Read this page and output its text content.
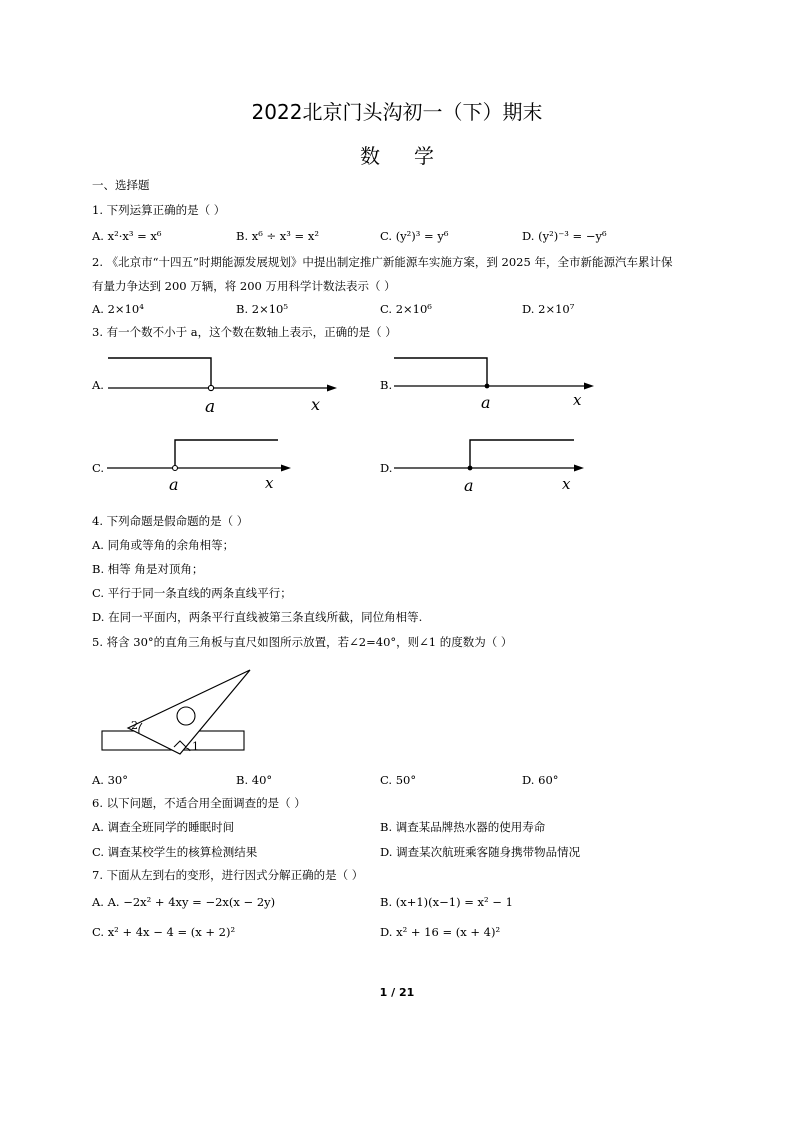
2022北京门头沟初一（下）期末
数学
一、选择题
1. 下列运算正确的是（ ）
A. x²·x³ = x⁶	B. x⁶ ÷ x³ = x²	C. (y²)³ = y⁶	D. (y²)⁻³ = −y⁶
2. 《北京市“十四五”时期能源发展规划》中提出制定推广新能源车实施方案，到 2025 年，全市新能源汽车累计保
有量力争达到 200 万辆，将 200 万用科学计数法表示（ ）
A. 2×10⁴	B. 2×10⁵	C. 2×10⁶	D. 2×10⁷
3. 有一个数不小于 a，这个数在数轴上表示，正确的是（ ）
A.
a	x
B.
a	x
C.
a	x
D.
a	x
4. 下列命题是假命题的是（ ）
A. 同角或等角的余角相等；
B. 相等 角是对顶角；
C. 平行于同一条直线的两条直线平行；
D. 在同一平面内，两条平行直线被第三条直线所截，同位角相等.
5. 将含 30°的直角三角板与直尺如图所示放置，若∠2=40°，则∠1 的度数为（ ）
2
1
A. 30°	B. 40°	C. 50°	D. 60°
6. 以下问题，不适合用全面调查的是（ ）
A. 调查全班同学的睡眠时间	B. 调查某品牌热水器的使用寿命
C. 调查某校学生的核算检测结果	D. 调查某次航班乘客随身携带物品情况
7. 下面从左到右的变形，进行因式分解正确的是（ ）
A. A. −2x² + 4xy = −2x(x − 2y)	B. (x+1)(x−1) = x² − 1
C. x² + 4x − 4 = (x + 2)²	D. x² + 16 = (x + 4)²
1 / 21
